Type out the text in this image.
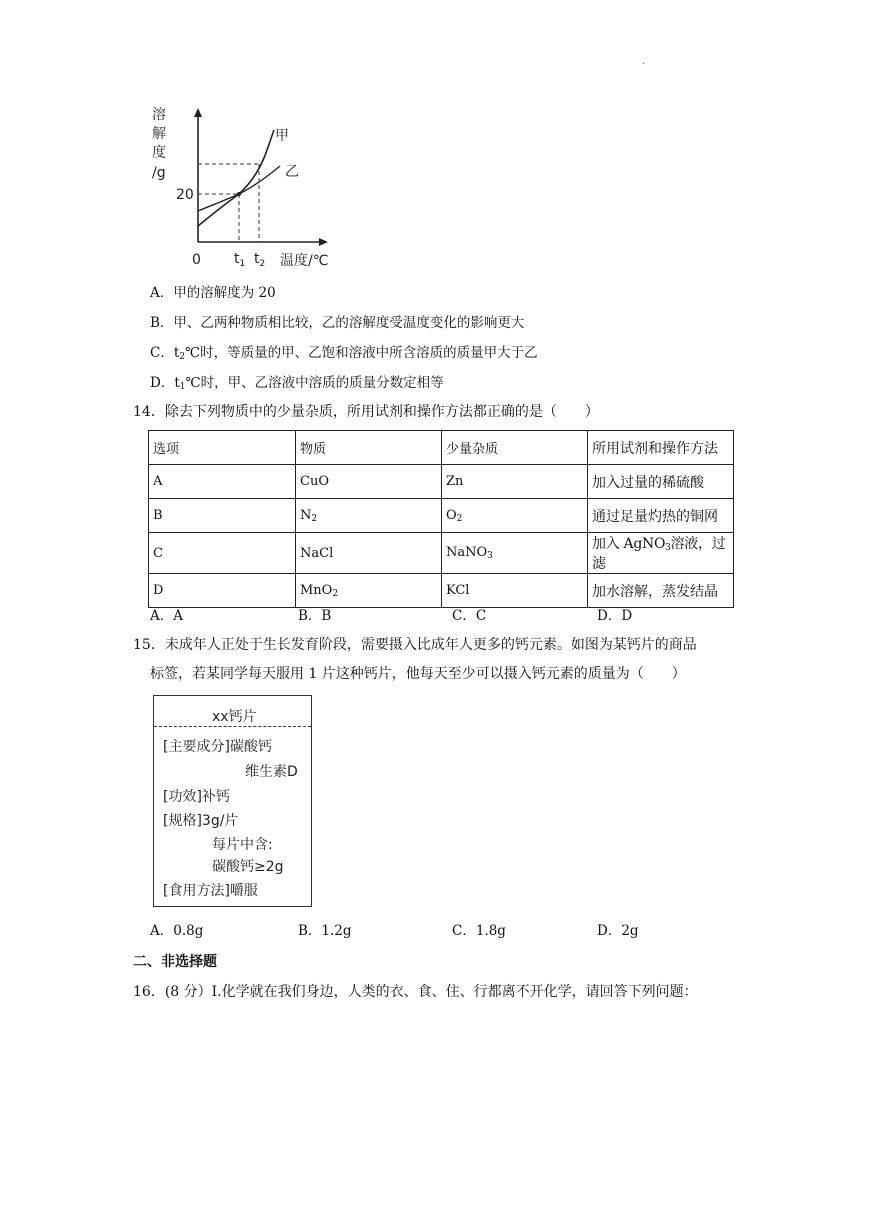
.
溶
解
度
/g
20
0 $t_1$ $t_2$ 温度/℃
甲
乙
A．甲的溶解度为 20
B．甲、乙两种物质相比较，乙的溶解度受温度变化的影响更大
C．$t_2℃$时，等质量的甲、乙饱和溶液中所含溶质的质量甲大于乙
D．$t_1℃$时，甲、乙溶液中溶质的质量分数定相等
14．除去下列物质中的少量杂质，所用试剂和操作方法都正确的是（　　）
选项	物质	少量杂质	所用试剂和操作方法
A	CuO	Zn	加入过量的稀硫酸
B	$N_2$	$O_2$	通过足量灼热的铜网
C	NaCl	NaNO$_3$	加入 AgNO$_3$溶液，过滤
D	MnO$_2$	KCl	加水溶解，蒸发结晶
A．A	B．B	C．C	D．D
15．未成年人正处于生长发育阶段，需要摄入比成年人更多的钙元素。如图为某钙片的商品
标签，若某同学每天服用 1 片这种钙片，他每天至少可以摄入钙元素的质量为（　　）
xx钙片
[主要成分]碳酸钙
维生素D
[功效]补钙
[规格]3g/片
每片中含:
碳酸钙≥2g
[食用方法]嚼服
A．0.8g	B．1.2g	C．1.8g	D．2g
二、非选择题
16．(8 分）Ⅰ.化学就在我们身边，人类的衣、食、住、行都离不开化学，请回答下列问题：
